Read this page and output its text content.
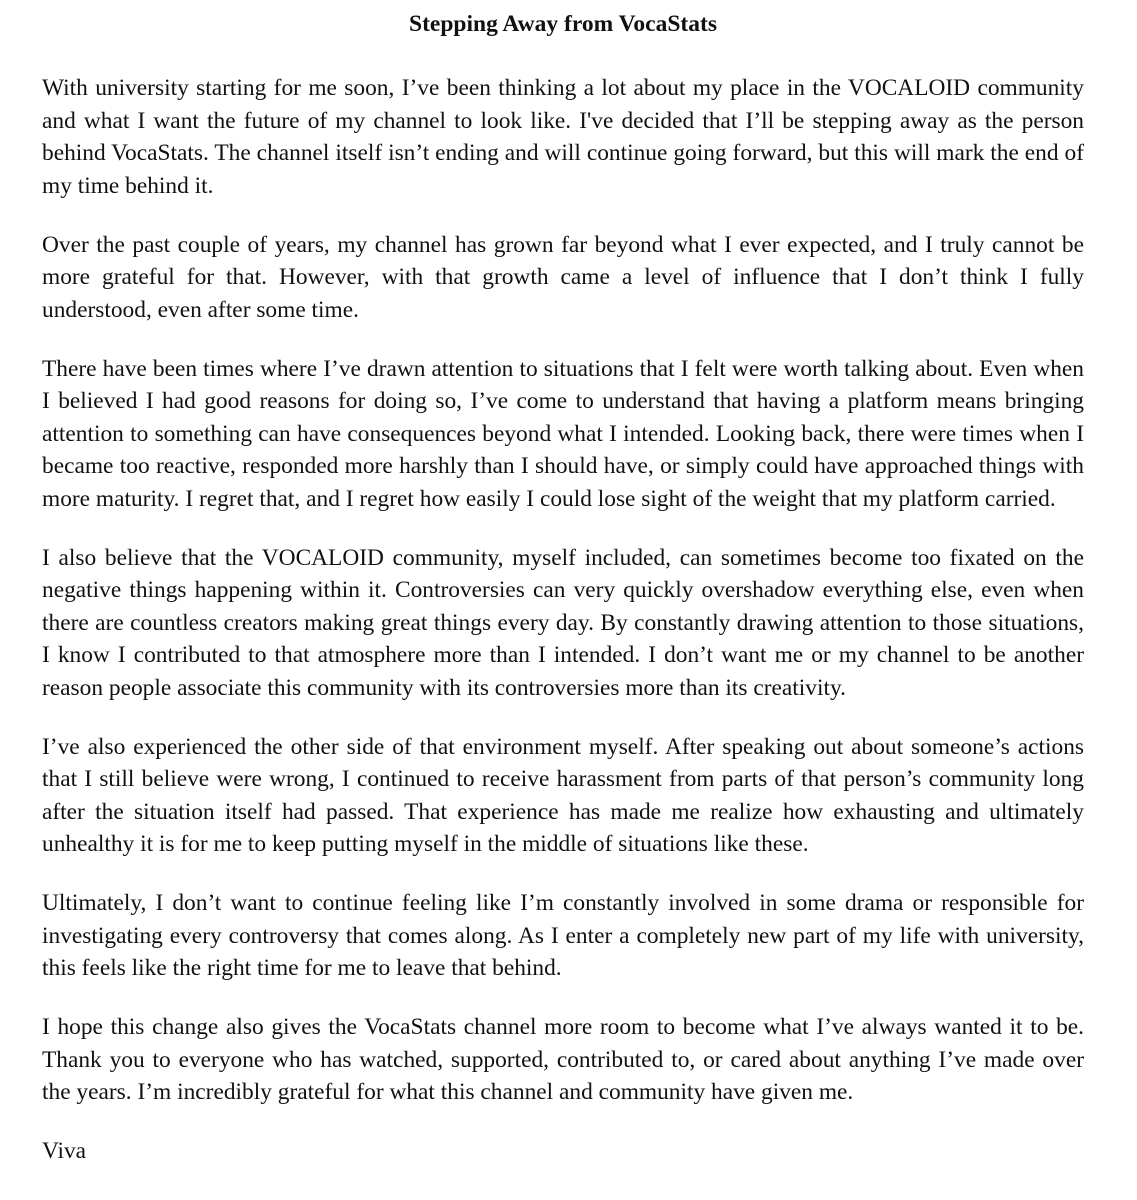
Stepping Away from VocaStats

With university starting for me soon, I’ve been thinking a lot about my place in the VOCALOID community and what I want the future of my channel to look like. I've decided that I’ll be stepping away as the person behind VocaStats. The channel itself isn’t ending and will continue going forward, but this will mark the end of my time behind it.

Over the past couple of years, my channel has grown far beyond what I ever expected, and I truly cannot be more grateful for that. However, with that growth came a level of influence that I don’t think I fully understood, even after some time.

There have been times where I’ve drawn attention to situations that I felt were worth talking about. Even when I believed I had good reasons for doing so, I’ve come to understand that having a platform means bringing attention to something can have consequences beyond what I intended. Looking back, there were times when I became too reactive, responded more harshly than I should have, or simply could have approached things with more maturity. I regret that, and I regret how easily I could lose sight of the weight that my platform carried.

I also believe that the VOCALOID community, myself included, can sometimes become too fixated on the negative things happening within it. Controversies can very quickly overshadow everything else, even when there are countless creators making great things every day. By constantly drawing attention to those situations, I know I contributed to that atmosphere more than I intended. I don’t want me or my channel to be another reason people associate this community with its controversies more than its creativity.

I’ve also experienced the other side of that environment myself. After speaking out about someone’s actions that I still believe were wrong, I continued to receive harassment from parts of that person’s community long after the situation itself had passed. That experience has made me realize how exhausting and ultimately unhealthy it is for me to keep putting myself in the middle of situations like these.

Ultimately, I don’t want to continue feeling like I’m constantly involved in some drama or responsible for investigating every controversy that comes along. As I enter a completely new part of my life with university, this feels like the right time for me to leave that behind.

I hope this change also gives the VocaStats channel more room to become what I’ve always wanted it to be. Thank you to everyone who has watched, supported, contributed to, or cared about anything I’ve made over the years. I’m incredibly grateful for what this channel and community have given me.

Viva
